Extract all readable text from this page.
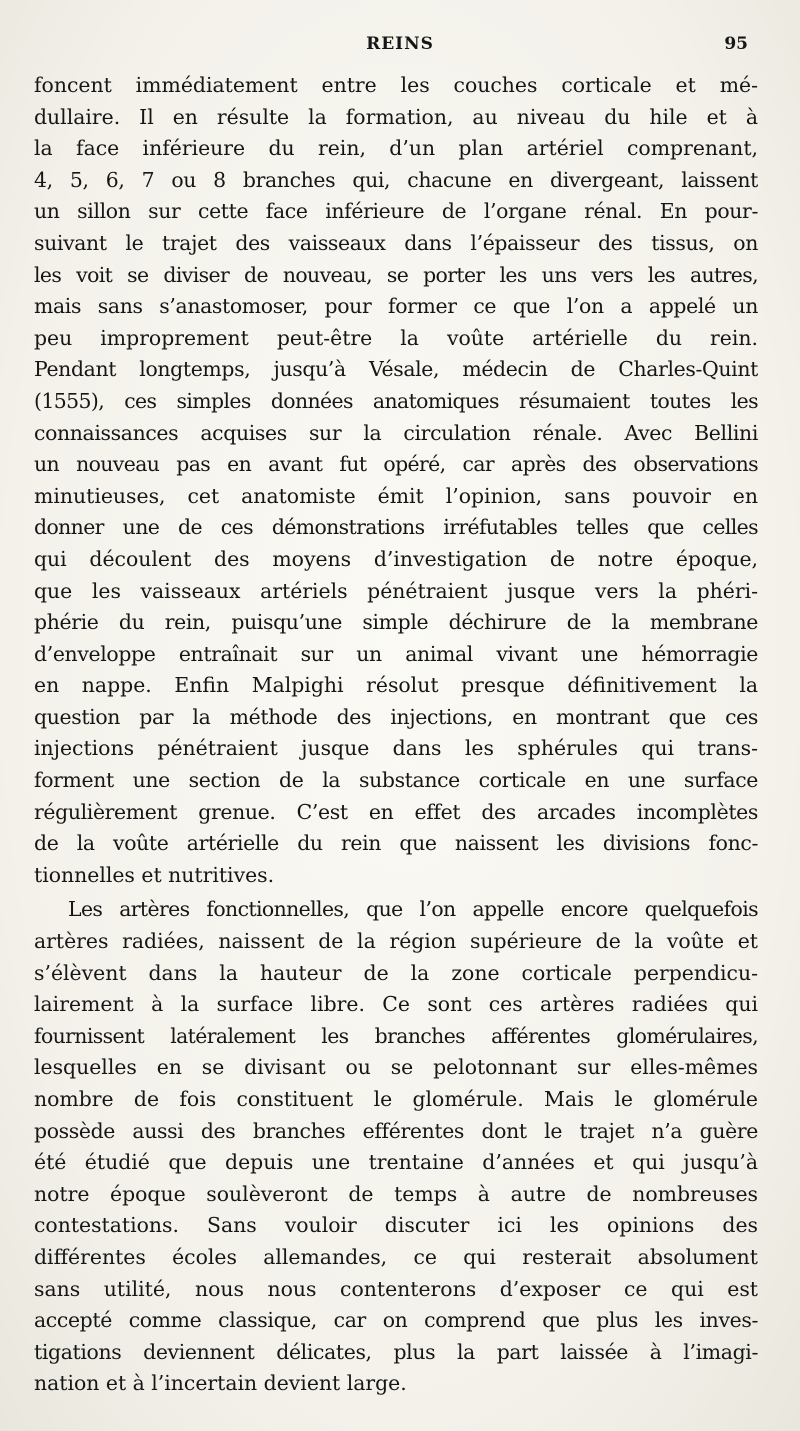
REINS	95
foncent immédiatement entre les couches corticale et mé-
dullaire. Il en résulte la formation, au niveau du hile et à
la face inférieure du rein, d’un plan artériel comprenant,
4, 5, 6, 7 ou 8 branches qui, chacune en divergeant, laissent
un sillon sur cette face inférieure de l’organe rénal. En pour-
suivant le trajet des vaisseaux dans l’épaisseur des tissus, on
les voit se diviser de nouveau, se porter les uns vers les autres,
mais sans s’anastomoser, pour former ce que l’on a appelé un
peu improprement peut-être la voûte artérielle du rein.
Pendant longtemps, jusqu’à Vésale, médecin de Charles-Quint
(1555), ces simples données anatomiques résumaient toutes les
connaissances acquises sur la circulation rénale. Avec Bellini
un nouveau pas en avant fut opéré, car après des observations
minutieuses, cet anatomiste émit l’opinion, sans pouvoir en
donner une de ces démonstrations irréfutables telles que celles
qui découlent des moyens d’investigation de notre époque,
que les vaisseaux artériels pénétraient jusque vers la phéri-
phérie du rein, puisqu’une simple déchirure de la membrane
d’enveloppe entraînait sur un animal vivant une hémorragie
en nappe. Enfin Malpighi résolut presque définitivement la
question par la méthode des injections, en montrant que ces
injections pénétraient jusque dans les sphérules qui trans-
forment une section de la substance corticale en une surface
régulièrement grenue. C’est en effet des arcades incomplètes
de la voûte artérielle du rein que naissent les divisions fonc-
tionnelles et nutritives.
Les artères fonctionnelles, que l’on appelle encore quelquefois
artères radiées, naissent de la région supérieure de la voûte et
s’élèvent dans la hauteur de la zone corticale perpendicu-
lairement à la surface libre. Ce sont ces artères radiées qui
fournissent latéralement les branches afférentes glomérulaires,
lesquelles en se divisant ou se pelotonnant sur elles-mêmes
nombre de fois constituent le glomérule. Mais le glomérule
possède aussi des branches efférentes dont le trajet n’a guère
été étudié que depuis une trentaine d’années et qui jusqu’à
notre époque soulèveront de temps à autre de nombreuses
contestations. Sans vouloir discuter ici les opinions des
différentes écoles allemandes, ce qui resterait absolument
sans utilité, nous nous contenterons d’exposer ce qui est
accepté comme classique, car on comprend que plus les inves-
tigations deviennent délicates, plus la part laissée à l’imagi-
nation et à l’incertain devient large.
